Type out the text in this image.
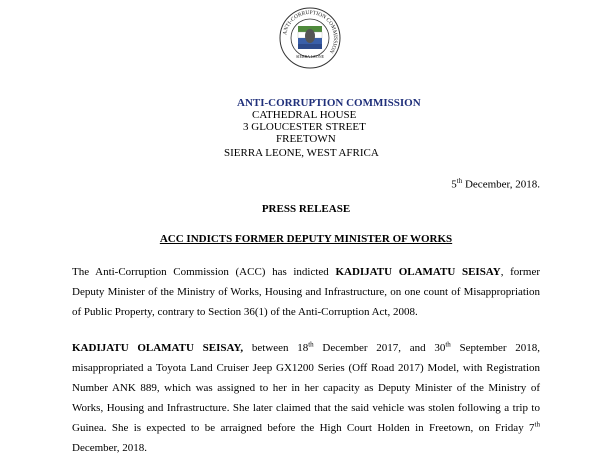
ANTI-CORRUPTION COMMISSION
SIERRA LEONE
ANTI-CORRUPTION COMMISSION
CATHEDRAL HOUSE
3 GLOUCESTER STREET
FREETOWN
SIERRA LEONE, WEST AFRICA
5th December, 2018.
PRESS RELEASE
ACC INDICTS FORMER DEPUTY MINISTER OF WORKS
The Anti-Corruption Commission (ACC) has indicted KADIJATU OLAMATU SEISAY, former Deputy Minister of the Ministry of Works, Housing and Infrastructure, on one count of Misappropriation of Public Property, contrary to Section 36(1) of the Anti-Corruption Act, 2008.
KADIJATU OLAMATU SEISAY, between 18th December 2017, and 30th September 2018, misappropriated a Toyota Land Cruiser Jeep GX1200 Series (Off Road 2017) Model, with Registration Number ANK 889, which was assigned to her in her capacity as Deputy Minister of the Ministry of Works, Housing and Infrastructure. She later claimed that the said vehicle was stolen following a trip to Guinea. She is expected to be arraigned before the High Court Holden in Freetown, on Friday 7th December, 2018.
